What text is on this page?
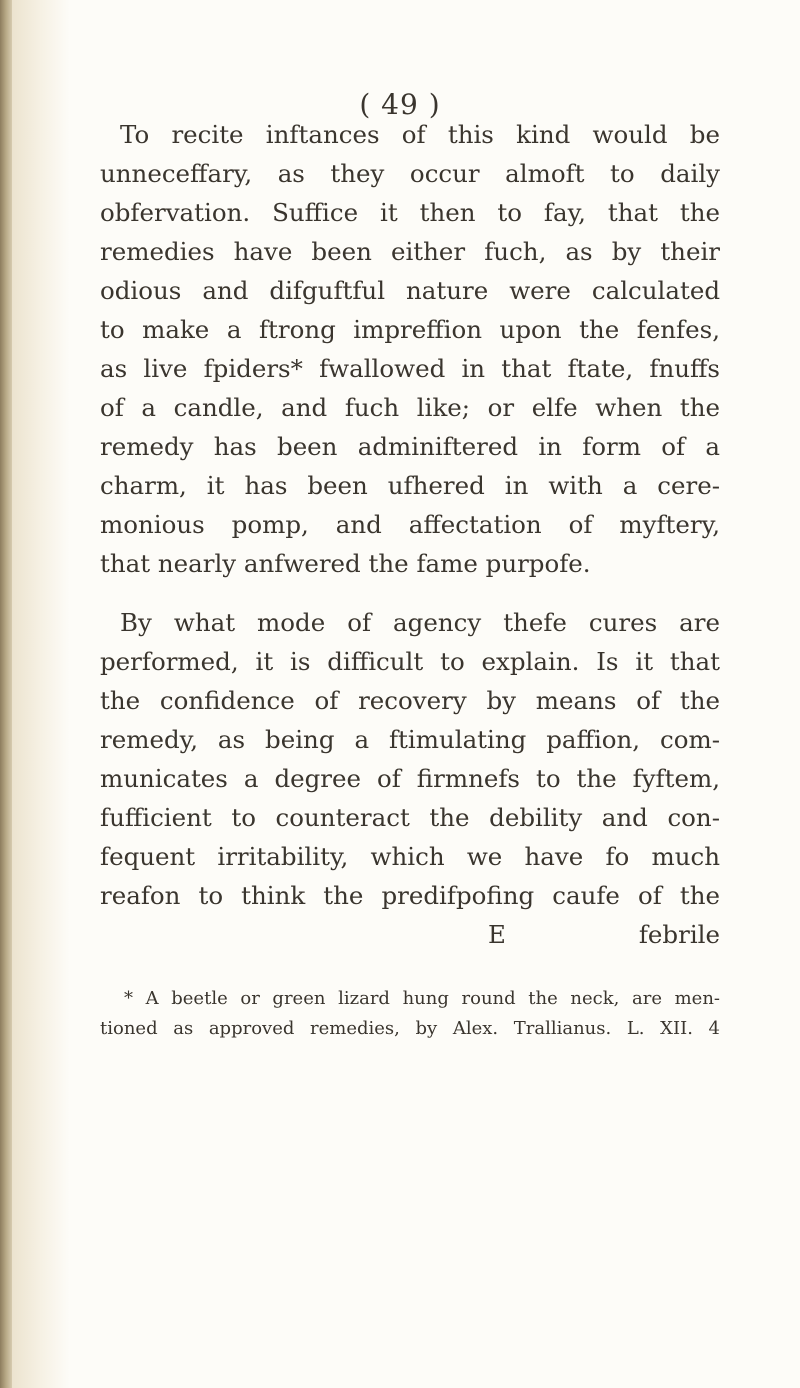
( 49 )
To recite inftances of this kind would be
unneceffary, as they occur almoft to daily
obfervation. Suffice it then to fay, that the
remedies have been either fuch, as by their
odious and difguftful nature were calculated
to make a ftrong impreffion upon the fenfes,
as live fpiders* fwallowed in that ftate, fnuffs
of a candle, and fuch like; or elfe when the
remedy has been adminiftered in form of a
charm, it has been ufhered in with a cere-
monious pomp, and affectation of myftery,
that nearly anfwered the fame purpofe.
By what mode of agency thefe cures are
performed, it is difficult to explain. Is it that
the confidence of recovery by means of the
remedy, as being a ftimulating paffion, com-
municates a degree of firmnefs to the fyftem,
fufficient to counteract the debility and con-
fequent irritability, which we have fo much
reafon to think the predifpofing caufe of the
E	febrile
* A beetle or green lizard hung round the neck, are men-
tioned as approved remedies, by Alex. Trallianus. L. XII. 4
